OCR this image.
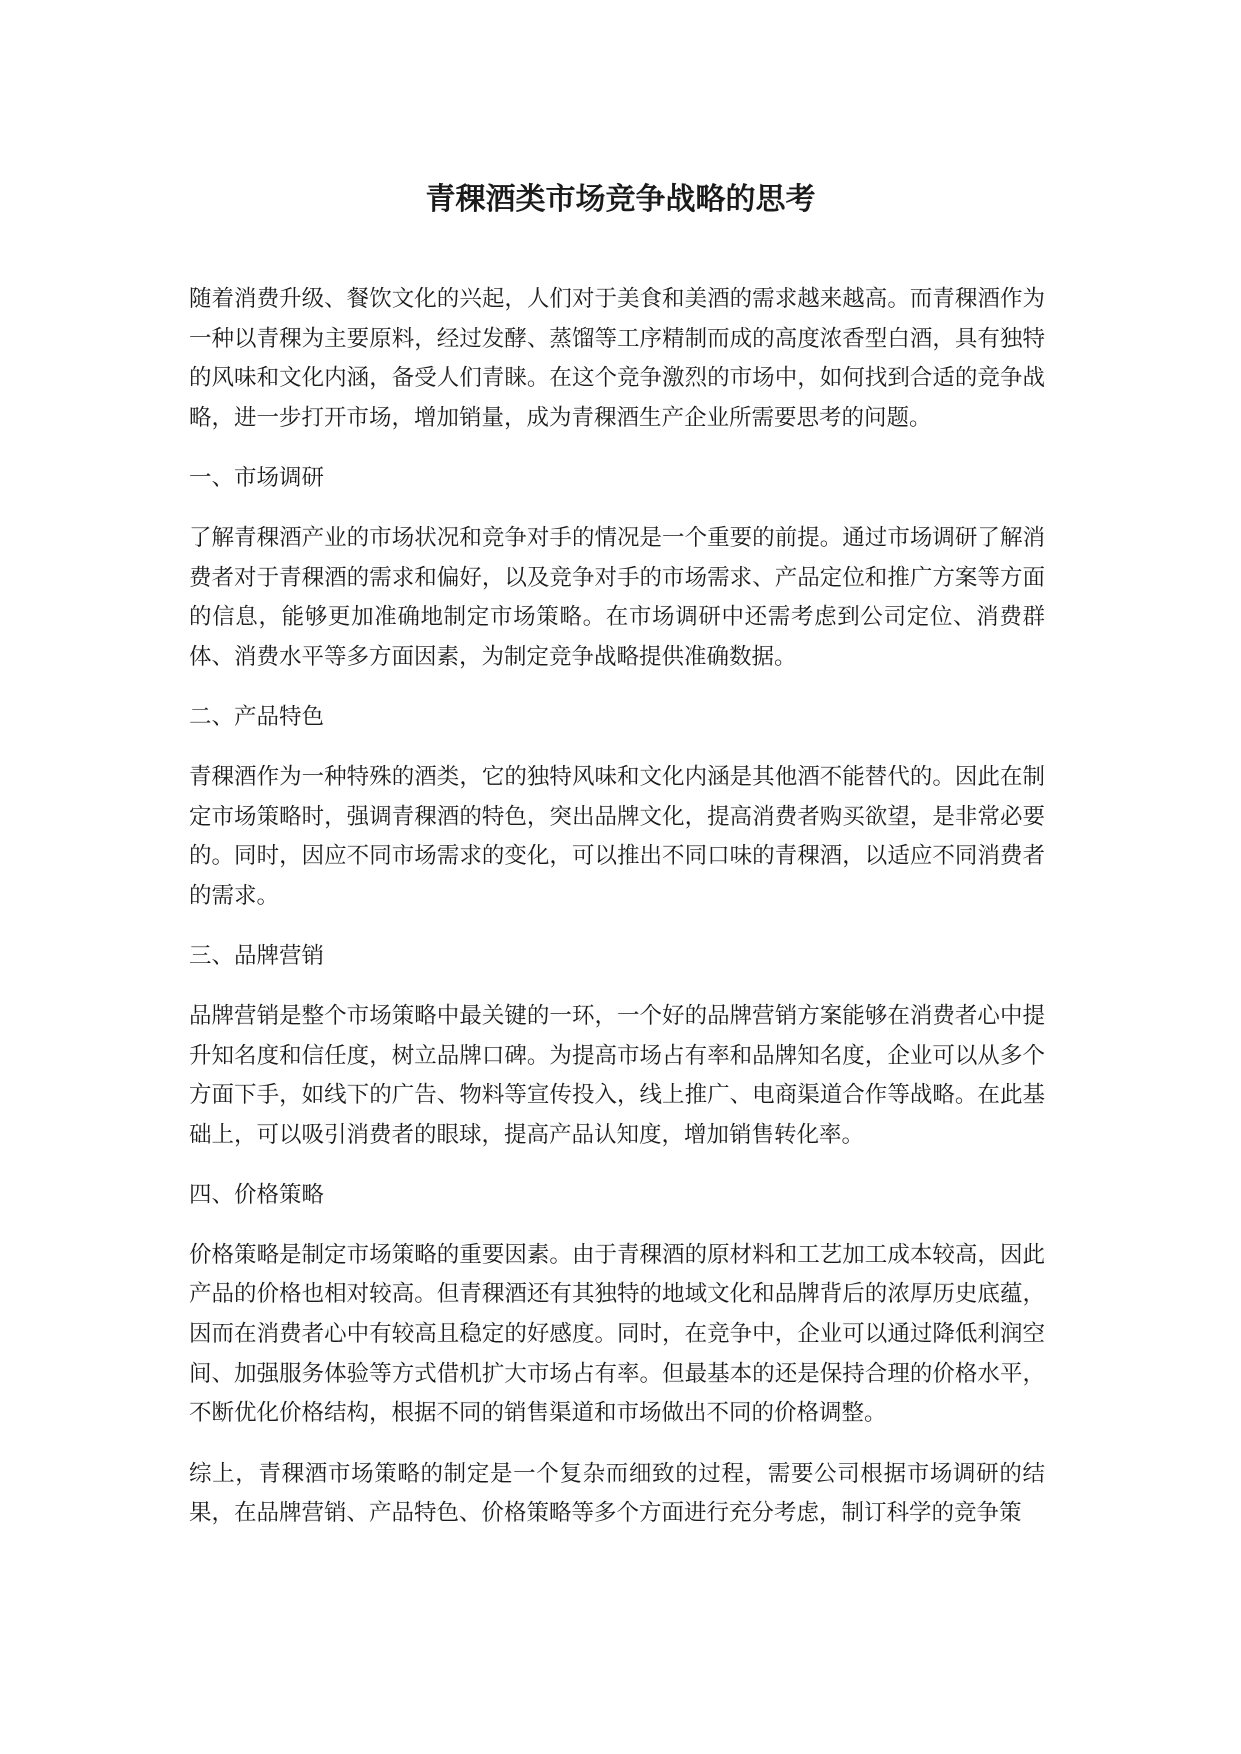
青稞酒类市场竞争战略的思考

随着消费升级、餐饮文化的兴起，人们对于美食和美酒的需求越来越高。而青稞酒作为一种以青稞为主要原料，经过发酵、蒸馏等工序精制而成的高度浓香型白酒，具有独特的风味和文化内涵，备受人们青睐。在这个竞争激烈的市场中，如何找到合适的竞争战略，进一步打开市场，增加销量，成为青稞酒生产企业所需要思考的问题。

一、市场调研

了解青稞酒产业的市场状况和竞争对手的情况是一个重要的前提。通过市场调研了解消费者对于青稞酒的需求和偏好，以及竞争对手的市场需求、产品定位和推广方案等方面的信息，能够更加准确地制定市场策略。在市场调研中还需考虑到公司定位、消费群体、消费水平等多方面因素，为制定竞争战略提供准确数据。

二、产品特色

青稞酒作为一种特殊的酒类，它的独特风味和文化内涵是其他酒不能替代的。因此在制定市场策略时，强调青稞酒的特色，突出品牌文化，提高消费者购买欲望，是非常必要的。同时，因应不同市场需求的变化，可以推出不同口味的青稞酒，以适应不同消费者的需求。

三、品牌营销

品牌营销是整个市场策略中最关键的一环，一个好的品牌营销方案能够在消费者心中提升知名度和信任度，树立品牌口碑。为提高市场占有率和品牌知名度，企业可以从多个方面下手，如线下的广告、物料等宣传投入，线上推广、电商渠道合作等战略。在此基础上，可以吸引消费者的眼球，提高产品认知度，增加销售转化率。

四、价格策略

价格策略是制定市场策略的重要因素。由于青稞酒的原材料和工艺加工成本较高，因此产品的价格也相对较高。但青稞酒还有其独特的地域文化和品牌背后的浓厚历史底蕴，因而在消费者心中有较高且稳定的好感度。同时，在竞争中，企业可以通过降低利润空间、加强服务体验等方式借机扩大市场占有率。但最基本的还是保持合理的价格水平，不断优化价格结构，根据不同的销售渠道和市场做出不同的价格调整。

综上，青稞酒市场策略的制定是一个复杂而细致的过程，需要公司根据市场调研的结果，在品牌营销、产品特色、价格策略等多个方面进行充分考虑，制订科学的竞争策
